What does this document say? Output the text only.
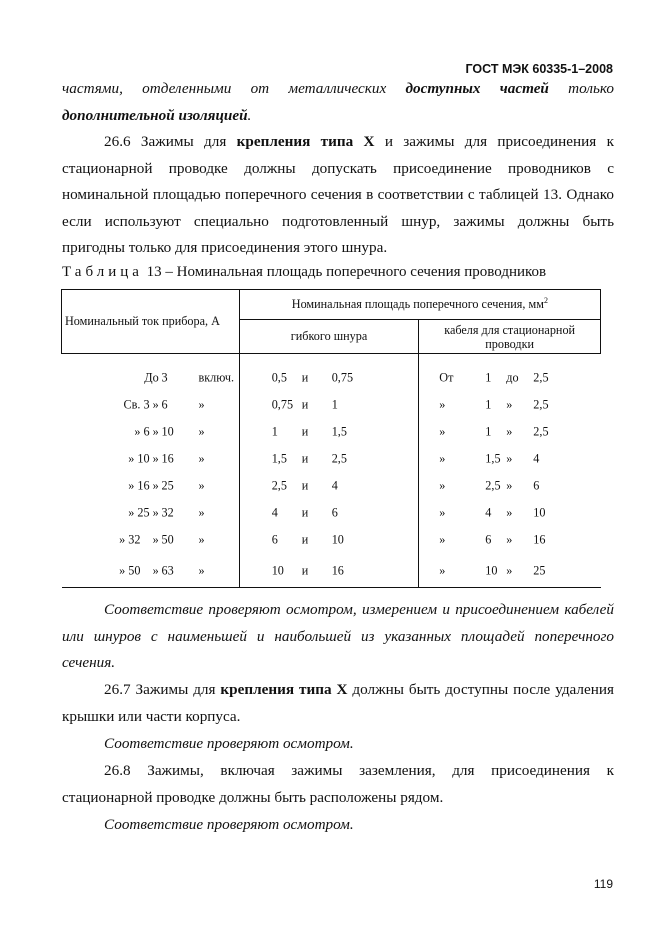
ГОСТ МЭК 60335-1–2008
частями, отделенными от металлических доступных частей только дополнительной изоляцией.
26.6 Зажимы для крепления типа X и зажимы для присоединения к стационарной проводке должны допускать присоединение проводников с номинальной площадью поперечного сечения в соответствии с таблицей 13. Однако если используют специально подготовленный шнур, зажимы должны быть пригодны только для присоединения этого шнура.
Таблица 13 – Номинальная площадь поперечного сечения проводников
Номинальный ток прибора, А	Номинальная площадь поперечного сечения, $мм^2$
	гибкого шнура	кабеля для стационарной проводки

До 3 включ.	0,5 и 0,75	От 1 до 2,5

Св. 3 » 6 »	0,75 и 1	» 1 » 2,5

» 6 » 10 »	1 и 1,5	» 1 » 2,5

» 10 » 16 »	1,5 и 2,5	» 1,5 » 4

» 16 » 25 »	2,5 и 4	» 2,5 » 6

» 25 » 32 »	4 и 6	» 4 » 10

» 32    » 50 »	6 и 10	» 6 » 16

» 50    » 63 »	10 и 16	» 10 » 25
Соответствие проверяют осмотром, измерением и присоединением кабелей или шнуров с наименьшей и наибольшей из указанных площадей поперечного сечения.
26.7 Зажимы для крепления типа X должны быть доступны после удаления крышки или части корпуса.
Соответствие проверяют осмотром.
26.8 Зажимы, включая зажимы заземления, для присоединения к стационарной проводке должны быть расположены рядом.
Соответствие проверяют осмотром.
119
